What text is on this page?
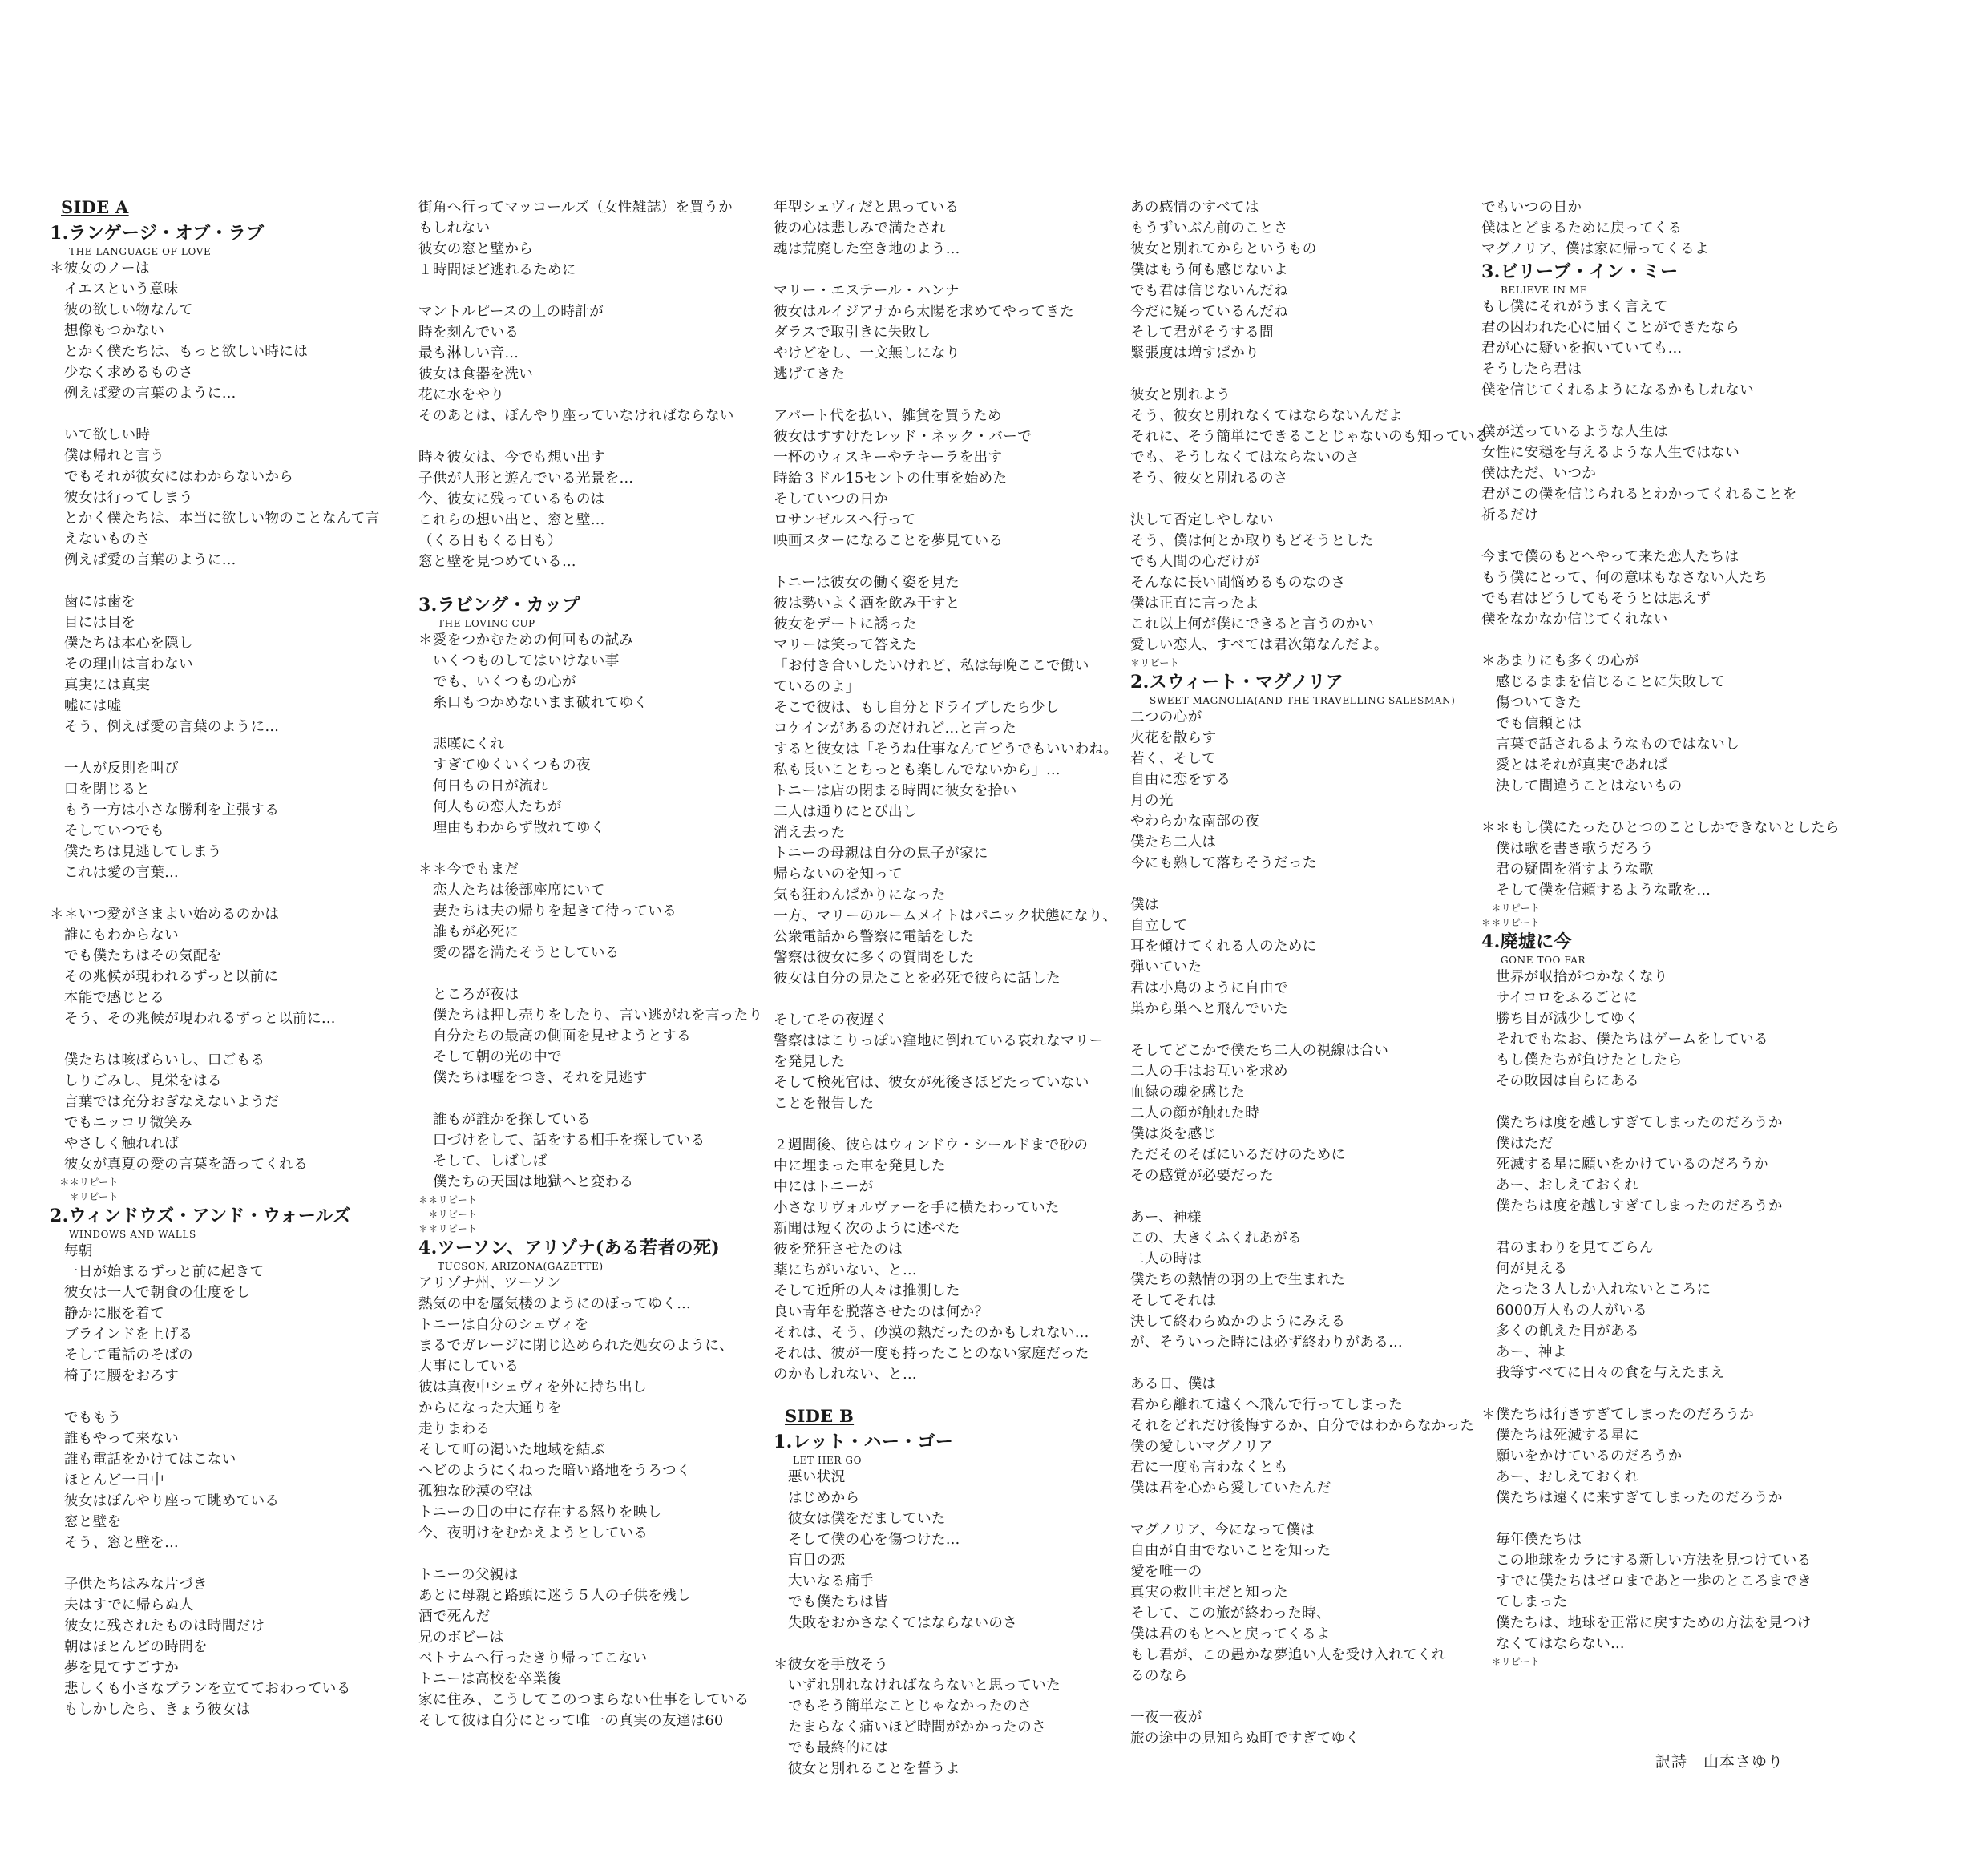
SIDE A
1.ランゲージ・オブ・ラブ
THE LANGUAGE OF LOVE
＊彼女のノーは
　イエスという意味
　彼の欲しい物なんて
　想像もつかない
　とかく僕たちは、もっと欲しい時には
　少なく求めるものさ
　例えば愛の言葉のように…
　いて欲しい時
　僕は帰れと言う
　でもそれが彼女にはわからないから
　彼女は行ってしまう
　とかく僕たちは、本当に欲しい物のことなんて言
　えないものさ
　例えば愛の言葉のように…
　歯には歯を
　目には目を
　僕たちは本心を隠し
　その理由は言わない
　真実には真実
　嘘には嘘
　そう、例えば愛の言葉のように…
　一人が反則を叫び
　口を閉じると
　もう一方は小さな勝利を主張する
　そしていつでも
　僕たちは見逃してしまう
　これは愛の言葉…
＊＊いつ愛がさまよい始めるのかは
　誰にもわからない
　でも僕たちはその気配を
　その兆候が現われるずっと以前に
　本能で感じとる
　そう、その兆候が現われるずっと以前に…
　僕たちは咳ばらいし、口ごもる
　しりごみし、見栄をはる
　言葉では充分おぎなえないようだ
　でもニッコリ微笑み
　やさしく触れれば
　彼女が真夏の愛の言葉を語ってくれる
　＊＊リピート
　　＊リピート
2.ウィンドウズ・アンド・ウォールズ
WINDOWS AND WALLS
　毎朝
　一日が始まるずっと前に起きて
　彼女は一人で朝食の仕度をし
　静かに服を着て
　ブラインドを上げる
　そして電話のそばの
　椅子に腰をおろす
　でももう
　誰もやって来ない
　誰も電話をかけてはこない
　ほとんど一日中
　彼女はぼんやり座って眺めている
　窓と壁を
　そう、窓と壁を…
　子供たちはみな片づき
　夫はすでに帰らぬ人
　彼女に残されたものは時間だけ
　朝はほとんどの時間を
　夢を見てすごすか
　悲しくも小さなプランを立てておわっている
　もしかしたら、きょう彼女は
街角へ行ってマッコールズ（女性雑誌）を買うか
もしれない
彼女の窓と壁から
１時間ほど逃れるために
マントルピースの上の時計が
時を刻んでいる
最も淋しい音…
彼女は食器を洗い
花に水をやり
そのあとは、ぼんやり座っていなければならない
時々彼女は、今でも想い出す
子供が人形と遊んでいる光景を…
今、彼女に残っているものは
これらの想い出と、窓と壁…
（くる日もくる日も）
窓と壁を見つめている…
3.ラビング・カップ
THE LOVING CUP
＊愛をつかむための何回もの試み
　いくつものしてはいけない事
　でも、いくつもの心が
　糸口もつかめないまま破れてゆく
　悲嘆にくれ
　すぎてゆくいくつもの夜
　何日もの日が流れ
　何人もの恋人たちが
　理由もわからず散れてゆく
＊＊今でもまだ
　恋人たちは後部座席にいて
　妻たちは夫の帰りを起きて待っている
　誰もが必死に
　愛の器を満たそうとしている
　ところが夜は
　僕たちは押し売りをしたり、言い逃がれを言ったり
　自分たちの最高の側面を見せようとする
　そして朝の光の中で
　僕たちは嘘をつき、それを見逃す
　誰もが誰かを探している
　口づけをして、話をする相手を探している
　そして、しばしば
　僕たちの天国は地獄へと変わる
＊＊リピート
　＊リピート
＊＊リピート
4.ツーソン、アリゾナ(ある若者の死)
TUCSON, ARIZONA(GAZETTE)
アリゾナ州、ツーソン
熱気の中を蜃気楼のようにのぼってゆく…
トニーは自分のシェヴィを
まるでガレージに閉じ込められた処女のように、
大事にしている
彼は真夜中シェヴィを外に持ち出し
からになった大通りを
走りまわる
そして町の渇いた地域を結ぶ
ヘビのようにくねった暗い路地をうろつく
孤独な砂漠の空は
トニーの目の中に存在する怒りを映し
今、夜明けをむかえようとしている
トニーの父親は
あとに母親と路頭に迷う５人の子供を残し
酒で死んだ
兄のボビーは
ベトナムへ行ったきり帰ってこない
トニーは高校を卒業後
家に住み、こうしてこのつまらない仕事をしている
そして彼は自分にとって唯一の真実の友達は60
年型シェヴィだと思っている
彼の心は悲しみで満たされ
魂は荒廃した空き地のよう…
マリー・エステール・ハンナ
彼女はルイジアナから太陽を求めてやってきた
ダラスで取引きに失敗し
やけどをし、一文無しになり
逃げてきた
アパート代を払い、雑貨を買うため
彼女はすすけたレッド・ネック・バーで
一杯のウィスキーやテキーラを出す
時給３ドル15セントの仕事を始めた
そしていつの日か
ロサンゼルスへ行って
映画スターになることを夢見ている
トニーは彼女の働く姿を見た
彼は勢いよく酒を飲み干すと
彼女をデートに誘った
マリーは笑って答えた
「お付き合いしたいけれど、私は毎晩ここで働い
ているのよ」
そこで彼は、もし自分とドライブしたら少し
コケインがあるのだけれど…と言った
すると彼女は「そうね仕事なんてどうでもいいわね。
私も長いことちっとも楽しんでないから」…
トニーは店の閉まる時間に彼女を拾い
二人は通りにとび出し
消え去った
トニーの母親は自分の息子が家に
帰らないのを知って
気も狂わんばかりになった
一方、マリーのルームメイトはパニック状態になり、
公衆電話から警察に電話をした
警察は彼女に多くの質問をした
彼女は自分の見たことを必死で彼らに話した
そしてその夜遅く
警察ははこりっぽい窪地に倒れている哀れなマリー
を発見した
そして検死官は、彼女が死後さほどたっていない
ことを報告した
２週間後、彼らはウィンドウ・シールドまで砂の
中に埋まった車を発見した
中にはトニーが
小さなリヴォルヴァーを手に横たわっていた
新聞は短く次のように述べた
彼を発狂させたのは
薬にちがいない、と…
そして近所の人々は推測した
良い青年を脱落させたのは何か？
それは、そう、砂漠の熱だったのかもしれない…
それは、彼が一度も持ったことのない家庭だった
のかもしれない、と…
SIDE B
1.レット・ハー・ゴー
LET HER GO
　悪い状況
　はじめから
　彼女は僕をだましていた
　そして僕の心を傷つけた…
　盲目の恋
　大いなる痛手
　でも僕たちは皆
　失敗をおかさなくてはならないのさ
＊彼女を手放そう
　いずれ別れなければならないと思っていた
　でもそう簡単なことじゃなかったのさ
　たまらなく痛いほど時間がかかったのさ
　でも最終的には
　彼女と別れることを誓うよ
あの感情のすべては
もうずいぶん前のことさ
彼女と別れてからというもの
僕はもう何も感じないよ
でも君は信じないんだね
今だに疑っているんだね
そして君がそうする間
緊張度は増すばかり
彼女と別れよう
そう、彼女と別れなくてはならないんだよ
それに、そう簡単にできることじゃないのも知っている
でも、そうしなくてはならないのさ
そう、彼女と別れるのさ
決して否定しやしない
そう、僕は何とか取りもどそうとした
でも人間の心だけが
そんなに長い間悩めるものなのさ
僕は正直に言ったよ
これ以上何が僕にできると言うのかい
愛しい恋人、すべては君次第なんだよ。
＊リピート
2.スウィート・マグノリア
SWEET MAGNOLIA(AND THE TRAVELLING SALESMAN)
二つの心が
火花を散らす
若く、そして
自由に恋をする
月の光
やわらかな南部の夜
僕たち二人は
今にも熟して落ちそうだった
僕は
自立して
耳を傾けてくれる人のために
弾いていた
君は小鳥のように自由で
巣から巣へと飛んでいた
そしてどこかで僕たち二人の視線は合い
二人の手はお互いを求め
血緑の魂を感じた
二人の顔が触れた時
僕は炎を感じ
ただそのそばにいるだけのために
その感覚が必要だった
あー、神様
この、大きくふくれあがる
二人の時は
僕たちの熱情の羽の上で生まれた
そしてそれは
決して終わらぬかのようにみえる
が、そういった時には必ず終わりがある…
ある日、僕は
君から離れて遠くへ飛んで行ってしまった
それをどれだけ後悔するか、自分ではわからなかった
僕の愛しいマグノリア
君に一度も言わなくとも
僕は君を心から愛していたんだ
マグノリア、今になって僕は
自由が自由でないことを知った
愛を唯一の
真実の救世主だと知った
そして、この旅が終わった時、
僕は君のもとへと戻ってくるよ
もし君が、この愚かな夢追い人を受け入れてくれ
るのなら
一夜一夜が
旅の途中の見知らぬ町ですぎてゆく
でもいつの日か
僕はとどまるために戻ってくる
マグノリア、僕は家に帰ってくるよ
3.ビリーブ・イン・ミー
BELIEVE IN ME
もし僕にそれがうまく言えて
君の囚われた心に届くことができたなら
君が心に疑いを抱いていても…
そうしたら君は
僕を信じてくれるようになるかもしれない
僕が送っているような人生は
女性に安穏を与えるような人生ではない
僕はただ、いつか
君がこの僕を信じられるとわかってくれることを
祈るだけ
今まで僕のもとへやって来た恋人たちは
もう僕にとって、何の意味もなさない人たち
でも君はどうしてもそうとは思えず
僕をなかなか信じてくれない
＊あまりにも多くの心が
　感じるままを信じることに失敗して
　傷ついてきた
　でも信頼とは
　言葉で話されるようなものではないし
　愛とはそれが真実であれば
　決して間違うことはないもの
＊＊もし僕にたったひとつのことしかできないとしたら
　僕は歌を書き歌うだろう
　君の疑問を消すような歌
　そして僕を信頼するような歌を…
　＊リピート
＊＊リピート
4.廃墟に今
GONE TOO FAR
　世界が収拾がつかなくなり
　サイコロをふるごとに
　勝ち目が減少してゆく
　それでもなお、僕たちはゲームをしている
　もし僕たちが負けたとしたら
　その敗因は自らにある
　僕たちは度を越しすぎてしまったのだろうか
　僕はただ
　死滅する星に願いをかけているのだろうか
　あー、おしえておくれ
　僕たちは度を越しすぎてしまったのだろうか
　君のまわりを見てごらん
　何が見える
　たった３人しか入れないところに
　6000万人もの人がいる
　多くの飢えた目がある
　あー、神よ
　我等すべてに日々の食を与えたまえ
＊僕たちは行きすぎてしまったのだろうか
　僕たちは死滅する星に
　願いをかけているのだろうか
　あー、おしえておくれ
　僕たちは遠くに来すぎてしまったのだろうか
　毎年僕たちは
　この地球をカラにする新しい方法を見つけている
　すでに僕たちはゼロまであと一歩のところまでき
　てしまった
　僕たちは、地球を正常に戻すための方法を見つけ
　なくてはならない…
　＊リピート
訳詩　山本さゆり
